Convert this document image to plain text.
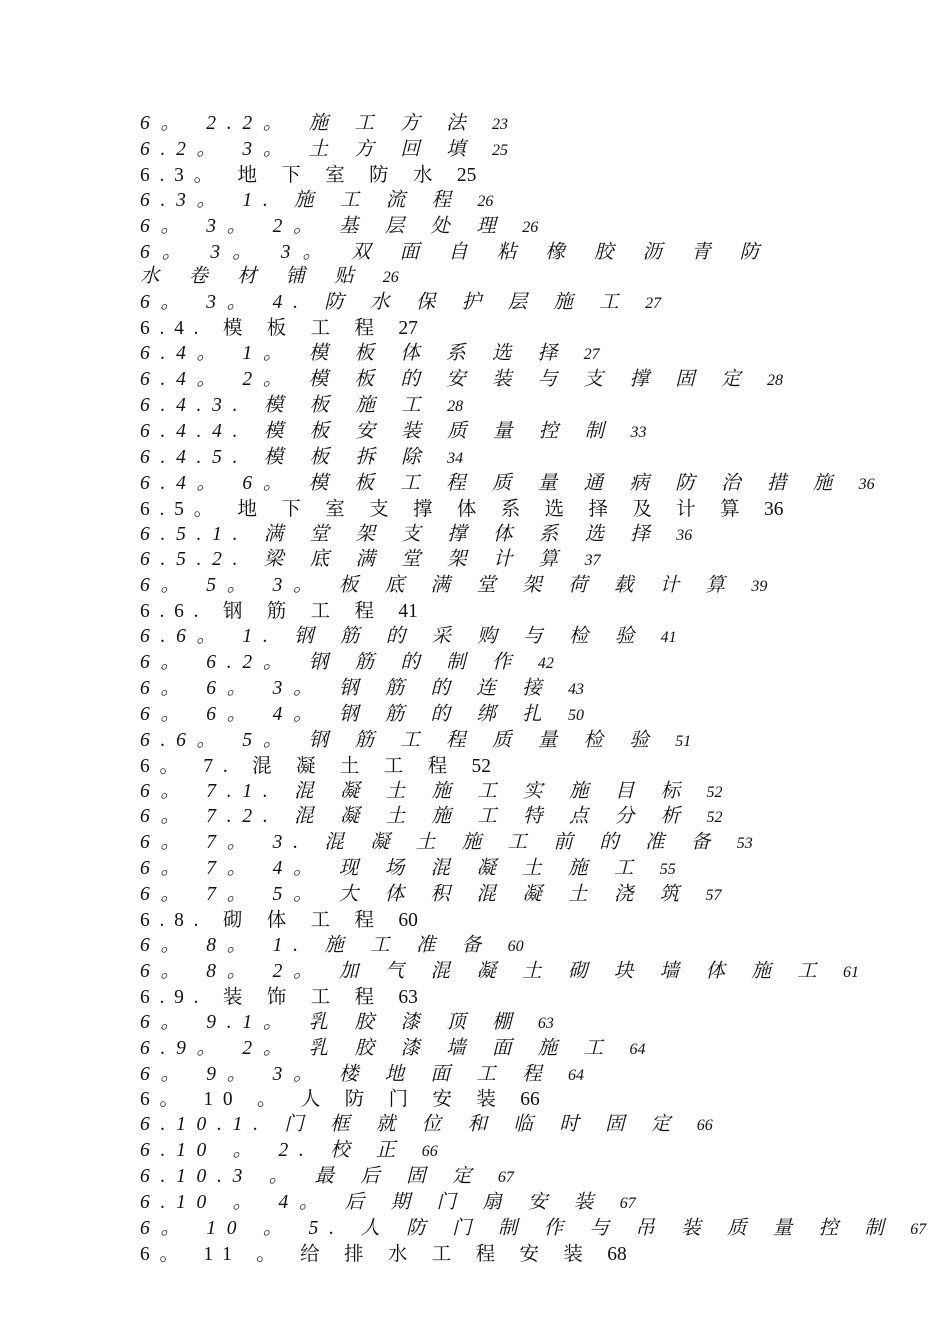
6。 2.2。 施 工 方 法 23
6.2。 3。 土 方 回 填 25
6.3。 地 下 室 防 水 25
6.3。 1. 施 工 流 程 26
6。 3。 2。 基 层 处 理 26
6。 3。 3。 双 面 自 粘 橡 胶 沥 青 防 水 卷 材 铺 贴 26
6。 3。 4. 防 水 保 护 层 施 工 27
6.4. 模 板 工 程 27
6.4。 1。 模 板 体 系 选 择 27
6.4。 2。 模 板 的 安 装 与 支 撑 固 定 28
6.4.3. 模 板 施 工 28
6.4.4. 模 板 安 装 质 量 控 制 33
6.4.5. 模 板 拆 除 34
6.4。 6。 模 板 工 程 质 量 通 病 防 治 措 施 36
6.5。 地 下 室 支 撑 体 系 选 择 及 计 算 36
6.5.1. 满 堂 架 支 撑 体 系 选 择 36
6.5.2. 梁 底 满 堂 架 计 算 37
6。 5。 3。 板 底 满 堂 架 荷 载 计 算 39
6.6. 钢 筋 工 程 41
6.6。 1. 钢 筋 的 采 购 与 检 验 41
6。 6.2。 钢 筋 的 制 作 42
6。 6。 3。 钢 筋 的 连 接 43
6。 6。 4。 钢 筋 的 绑 扎 50
6.6。 5。 钢 筋 工 程 质 量 检 验 51
6。 7. 混 凝 土 工 程 52
6。 7.1. 混 凝 土 施 工 实 施 目 标 52
6。 7.2. 混 凝 土 施 工 特 点 分 析 52
6。 7。 3. 混 凝 土 施 工 前 的 准 备 53
6。 7。 4。 现 场 混 凝 土 施 工 55
6。 7。 5。 大 体 积 混 凝 土 浇 筑 57
6.8. 砌 体 工 程 60
6。 8。 1. 施 工 准 备 60
6。 8。 2。 加 气 混 凝 土 砌 块 墙 体 施 工 61
6.9. 装 饰 工 程 63
6。 9.1。 乳 胶 漆 顶 棚 63
6.9。 2。 乳 胶 漆 墙 面 施 工 64
6。 9。 3。 楼 地 面 工 程 64
6。 10 。 人 防 门 安 装 66
6.10.1. 门 框 就 位 和 临 时 固 定 66
6.10 。 2. 校 正 66
6.10.3 。 最 后 固 定 67
6.10 。 4。 后 期 门 扇 安 装 67
6。 10 。 5. 人 防 门 制 作 与 吊 装 质 量 控 制 67
6。 11 。 给 排 水 工 程 安 装 68
